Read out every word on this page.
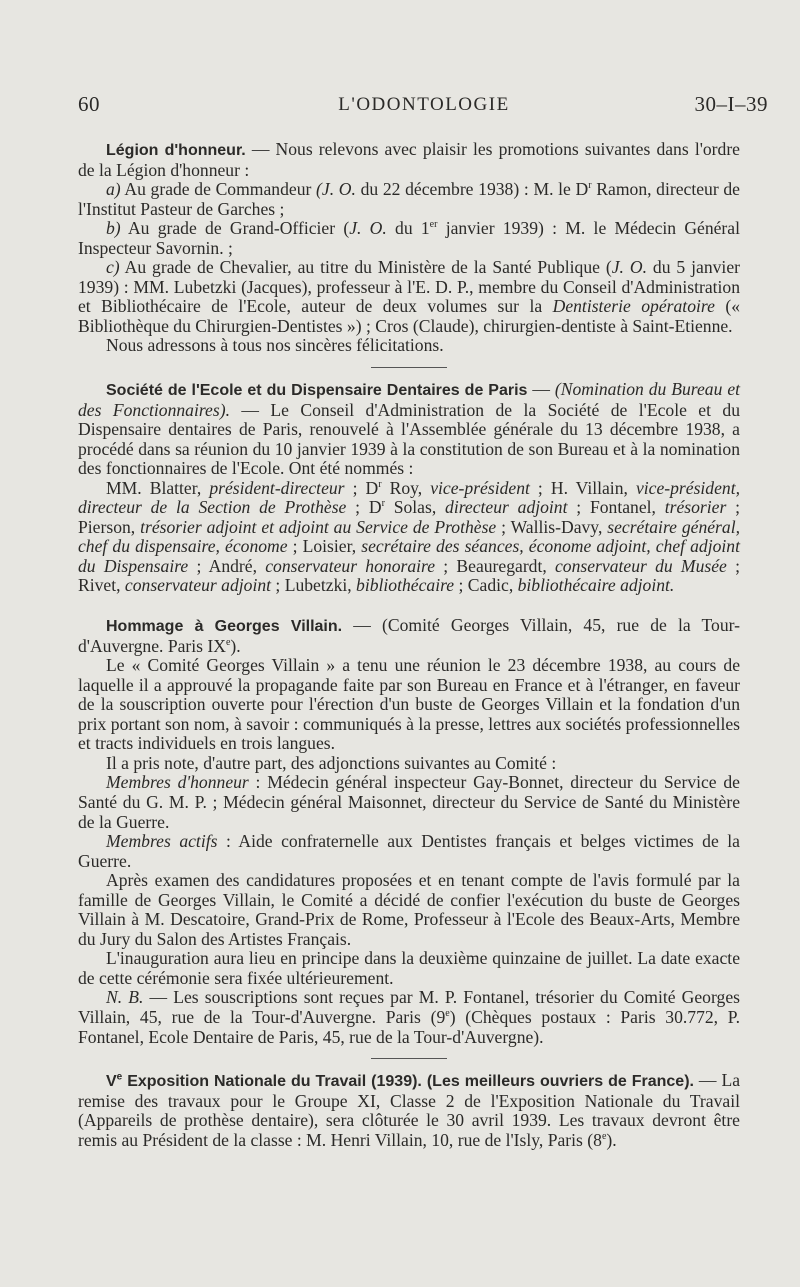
60	L'ODONTOLOGIE	30–I–39

Légion d'honneur. — Nous relevons avec plaisir les promotions suivantes dans l'ordre de la Légion d'honneur :

a) Au grade de Commandeur (J. O. du 22 décembre 1938) : M. le $D^r$ Ramon, directeur de l'Institut Pasteur de Garches ;

b) Au grade de Grand-Officier (J. O. du 1er janvier 1939) : M. le Médecin Général Inspecteur Savornin. ;

c) Au grade de Chevalier, au titre du Ministère de la Santé Publique (J. O. du 5 janvier 1939) : MM. Lubetzki (Jacques), professeur à l'E. D. P., membre du Conseil d'Administration et Bibliothécaire de l'Ecole, auteur de deux volumes sur la Dentisterie opératoire (« Bibliothèque du Chirurgien-Dentistes ») ; Cros (Claude), chirurgien-dentiste à Saint-Etienne.

Nous adressons à tous nos sincères félicitations.

Société de l'Ecole et du Dispensaire Dentaires de Paris — (Nomination du Bureau et des Fonctionnaires). — Le Conseil d'Administration de la Société de l'Ecole et du Dispensaire dentaires de Paris, renouvelé à l'Assemblée générale du 13 décembre 1938, a procédé dans sa réunion du 10 janvier 1939 à la constitution de son Bureau et à la nomination des fonctionnaires de l'Ecole. Ont été nommés :

MM. Blatter, président-directeur ; $D^r$ Roy, vice-président ; H. Villain, vice-président, directeur de la Section de Prothèse ; $D^r$ Solas, directeur adjoint ; Fontanel, trésorier ; Pierson, trésorier adjoint et adjoint au Service de Prothèse ; Wallis-Davy, secrétaire général, chef du dispensaire, économe ; Loisier, secrétaire des séances, économe adjoint, chef adjoint du Dispensaire ; André, conservateur honoraire ; Beauregardt, conservateur du Musée ; Rivet, conservateur adjoint ; Lubetzki, bibliothécaire ; Cadic, bibliothécaire adjoint.

Hommage à Georges Villain. — (Comité Georges Villain, 45, rue de la Tour-d'Auvergne. Paris IXe).

Le « Comité Georges Villain » a tenu une réunion le 23 décembre 1938, au cours de laquelle il a approuvé la propagande faite par son Bureau en France et à l'étranger, en faveur de la souscription ouverte pour l'érection d'un buste de Georges Villain et la fondation d'un prix portant son nom, à savoir : communiqués à la presse, lettres aux sociétés professionnelles et tracts individuels en trois langues.

Il a pris note, d'autre part, des adjonctions suivantes au Comité :

Membres d'honneur : Médecin général inspecteur Gay-Bonnet, directeur du Service de Santé du G. M. P. ; Médecin général Maisonnet, directeur du Service de Santé du Ministère de la Guerre.

Membres actifs : Aide confraternelle aux Dentistes français et belges victimes de la Guerre.

Après examen des candidatures proposées et en tenant compte de l'avis formulé par la famille de Georges Villain, le Comité a décidé de confier l'exécution du buste de Georges Villain à M. Descatoire, Grand-Prix de Rome, Professeur à l'Ecole des Beaux-Arts, Membre du Jury du Salon des Artistes Français.

L'inauguration aura lieu en principe dans la deuxième quinzaine de juillet. La date exacte de cette cérémonie sera fixée ultérieurement.

N. B. — Les souscriptions sont reçues par M. P. Fontanel, trésorier du Comité Georges Villain, 45, rue de la Tour-d'Auvergne. Paris (9e) (Chèques postaux : Paris 30.772, P. Fontanel, Ecole Dentaire de Paris, 45, rue de la Tour-d'Auvergne).

Ve Exposition Nationale du Travail (1939). (Les meilleurs ouvriers de France). — La remise des travaux pour le Groupe XI, Classe 2 de l'Exposition Nationale du Travail (Appareils de prothèse dentaire), sera clôturée le 30 avril 1939. Les travaux devront être remis au Président de la classe : M. Henri Villain, 10, rue de l'Isly, Paris (8e).
